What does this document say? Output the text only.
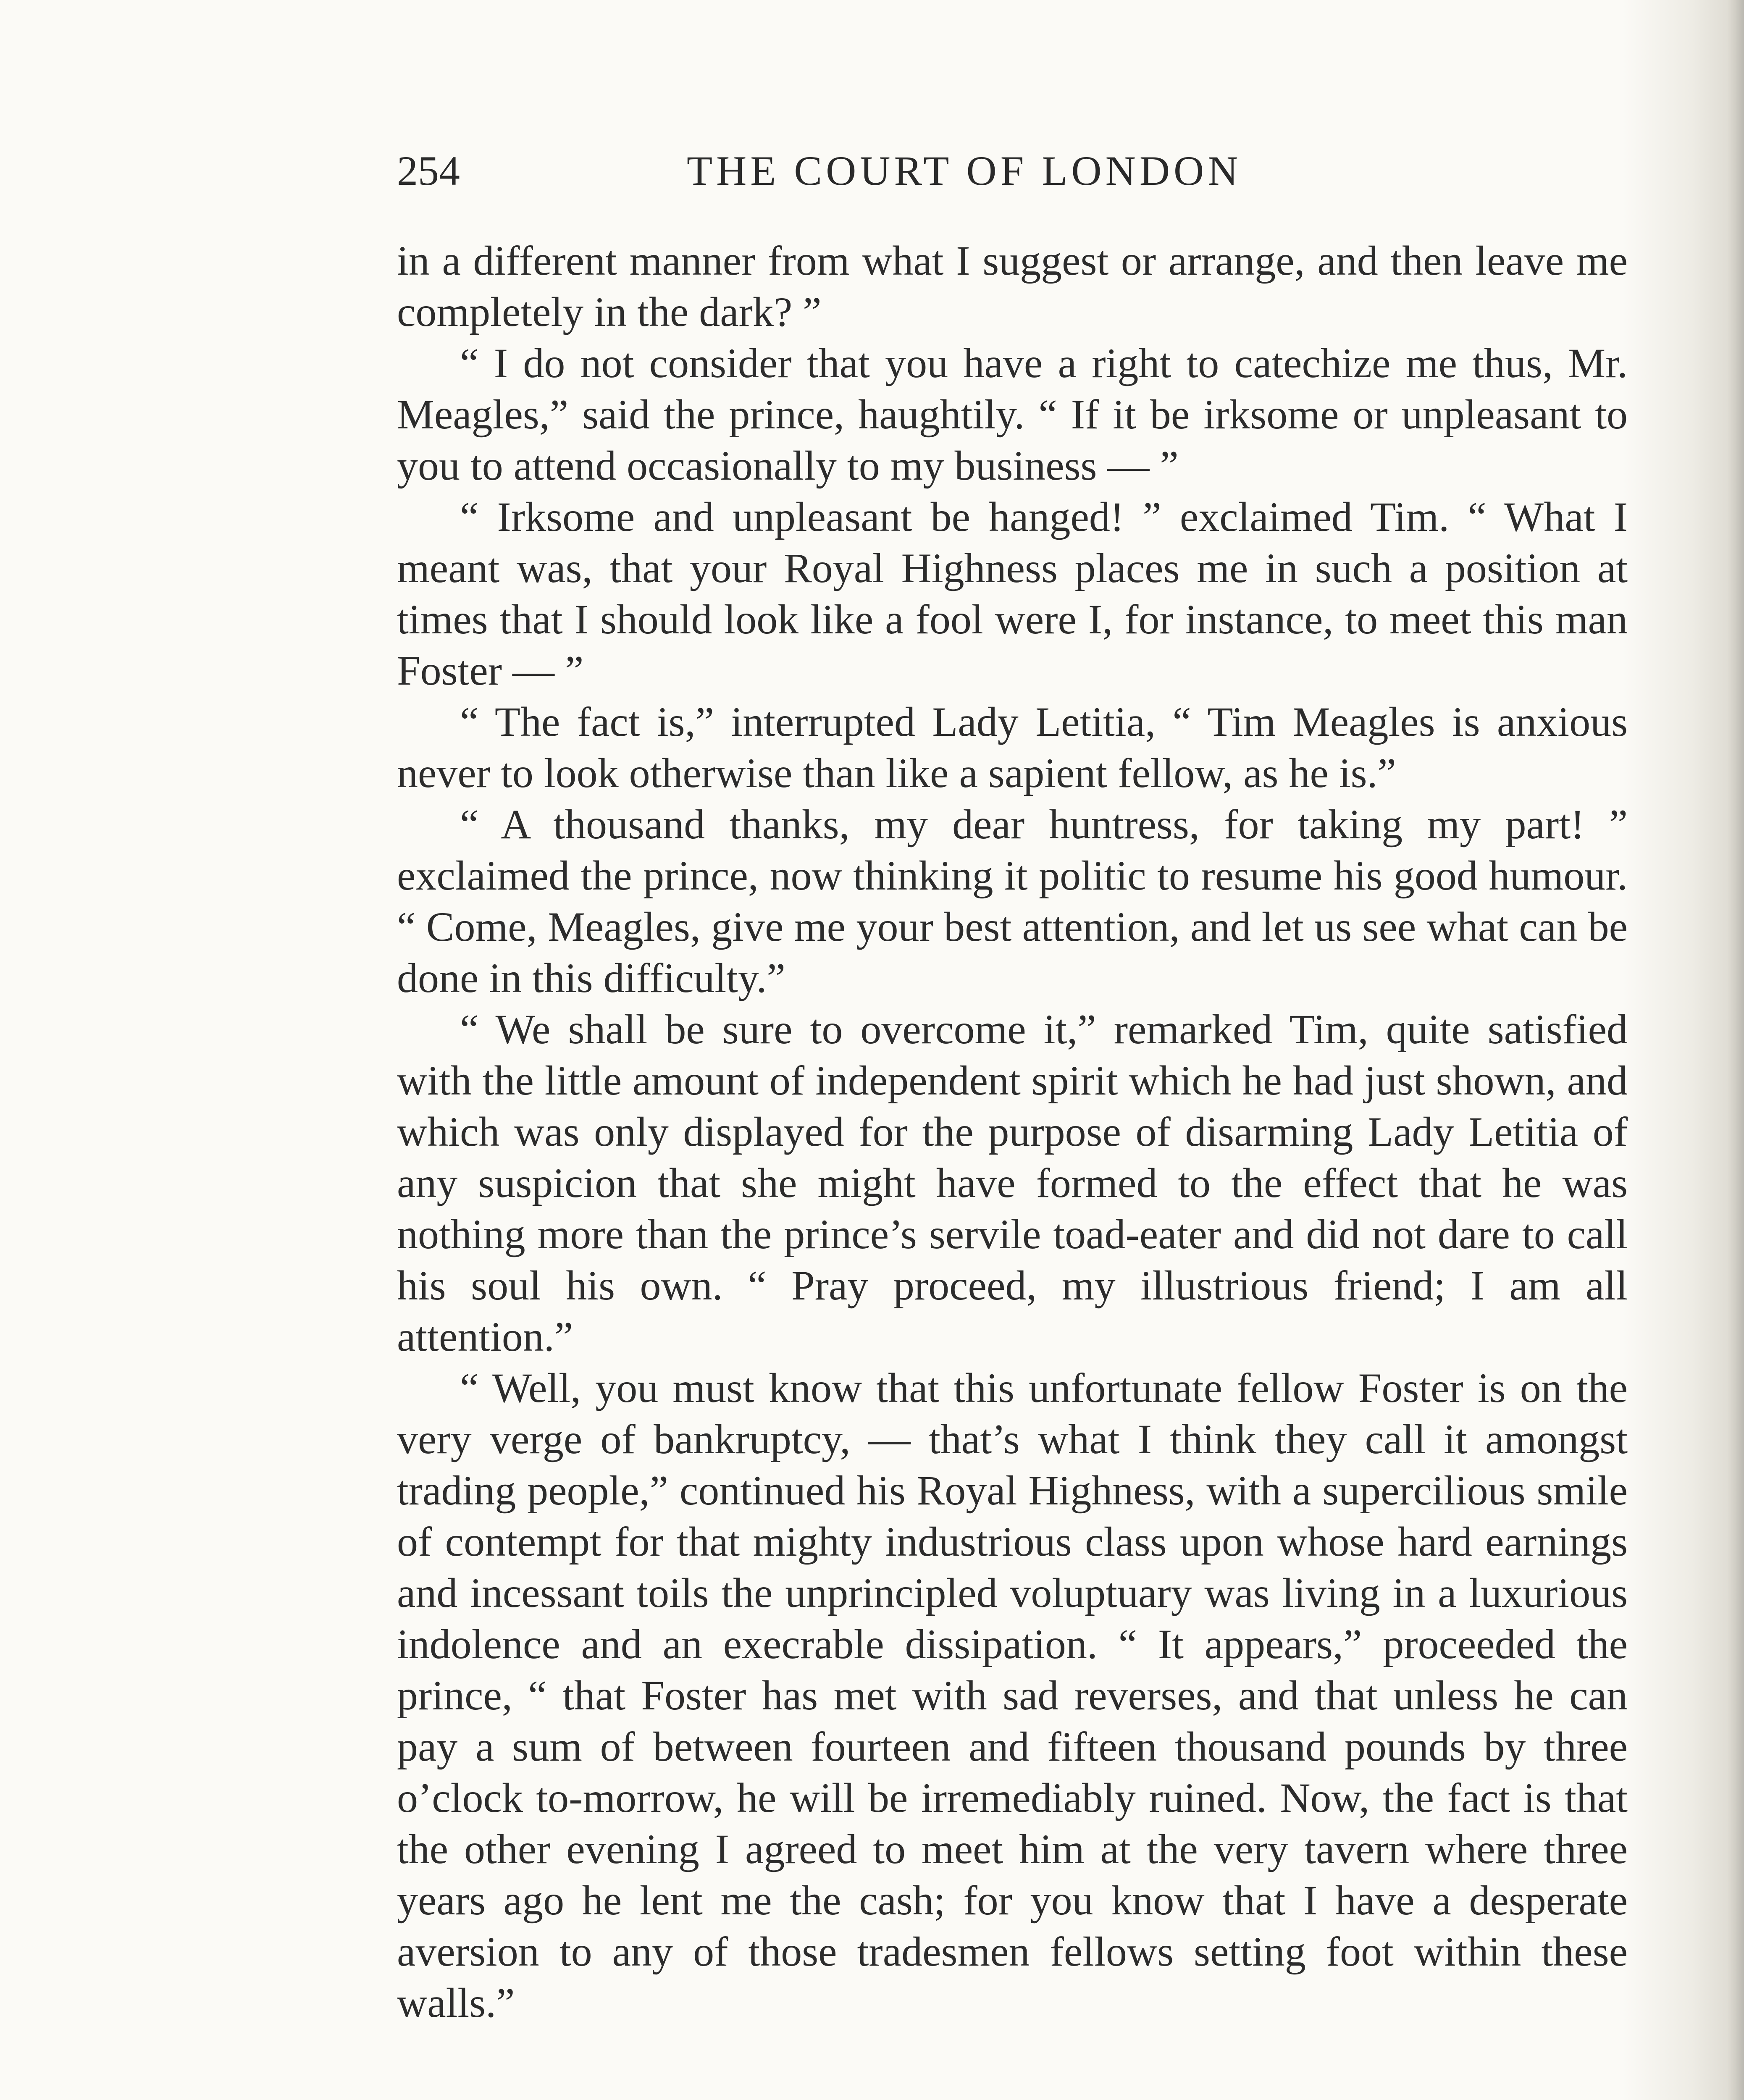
254	THE COURT OF LONDON

in a different manner from what I suggest or arrange, and then leave me completely in the dark? ”

“ I do not consider that you have a right to catechize me thus, Mr. Meagles,” said the prince, haughtily. “ If it be irksome or unpleasant to you to attend occasionally to my business — ”

“ Irksome and unpleasant be hanged! ” exclaimed Tim. “ What I meant was, that your Royal Highness places me in such a position at times that I should look like a fool were I, for instance, to meet this man Foster — ”

“ The fact is,” interrupted Lady Letitia, “ Tim Meagles is anxious never to look otherwise than like a sapient fellow, as he is.”

“ A thousand thanks, my dear huntress, for taking my part! ” exclaimed the prince, now thinking it politic to resume his good humour. “ Come, Meagles, give me your best attention, and let us see what can be done in this difficulty.”

“ We shall be sure to overcome it,” remarked Tim, quite satisfied with the little amount of independent spirit which he had just shown, and which was only displayed for the purpose of disarming Lady Letitia of any suspicion that she might have formed to the effect that he was nothing more than the prince’s servile toad-eater and did not dare to call his soul his own. “ Pray proceed, my illustrious friend; I am all attention.”

“ Well, you must know that this unfortunate fellow Foster is on the very verge of bankruptcy, — that’s what I think they call it amongst trading people,” continued his Royal Highness, with a supercilious smile of contempt for that mighty industrious class upon whose hard earnings and incessant toils the unprincipled voluptuary was living in a luxurious indolence and an execrable dissipation. “ It appears,” proceeded the prince, “ that Foster has met with sad reverses, and that unless he can pay a sum of between fourteen and fifteen thousand pounds by three o’clock to-morrow, he will be irremediably ruined. Now, the fact is that the other evening I agreed to meet him at the very tavern where three years ago he lent me the cash; for you know that I have a desperate aversion to any of those tradesmen fellows setting foot within these walls.”
